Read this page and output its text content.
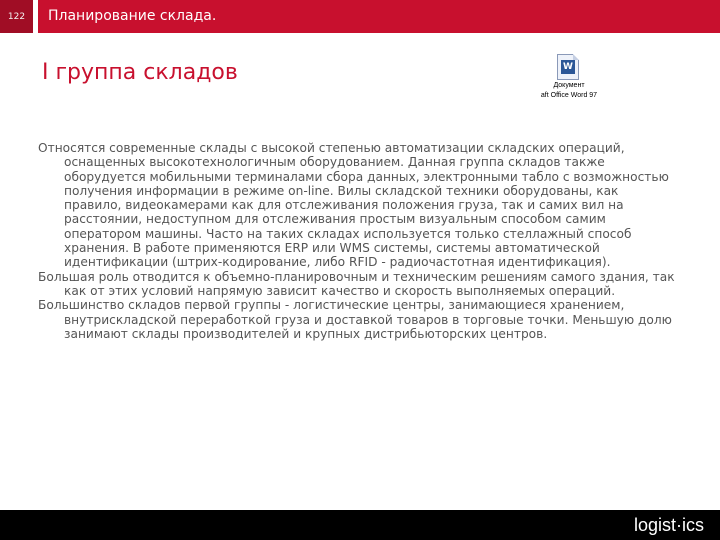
122	Планирование склада.
I группа складов	W
Документ
aft Office Word 97

Относятся современные склады с высокой степенью автоматизации складских операций, оснащенных высокотехнологичным оборудованием. Данная группа складов также оборудуется мобильными терминалами сбора данных, электронными табло с возможностью получения информации в режиме on-line. Вилы складской техники оборудованы, как правило, видеокамерами как для отслеживания положения груза, так и самих вил на расстоянии, недоступном для отслеживания простым визуальным способом самим оператором машины. Часто на таких складах используется только стеллажный способ хранения. В работе применяются ERP или WMS системы, системы автоматической идентификации (штрих-кодирование, либо RFID - радиочастотная идентификация).

Большая роль отводится к объемно-планировочным и техническим решениям самого здания, так как от этих условий напрямую зависит качество и скорость выполняемых операций.

Большинство складов первой группы - логистические центры, занимающиеся хранением, внутрискладской переработкой груза и доставкой товаров в торговые точки. Меньшую долю занимают склады производителей и крупных дистрибьюторских центров.

logist·ics
